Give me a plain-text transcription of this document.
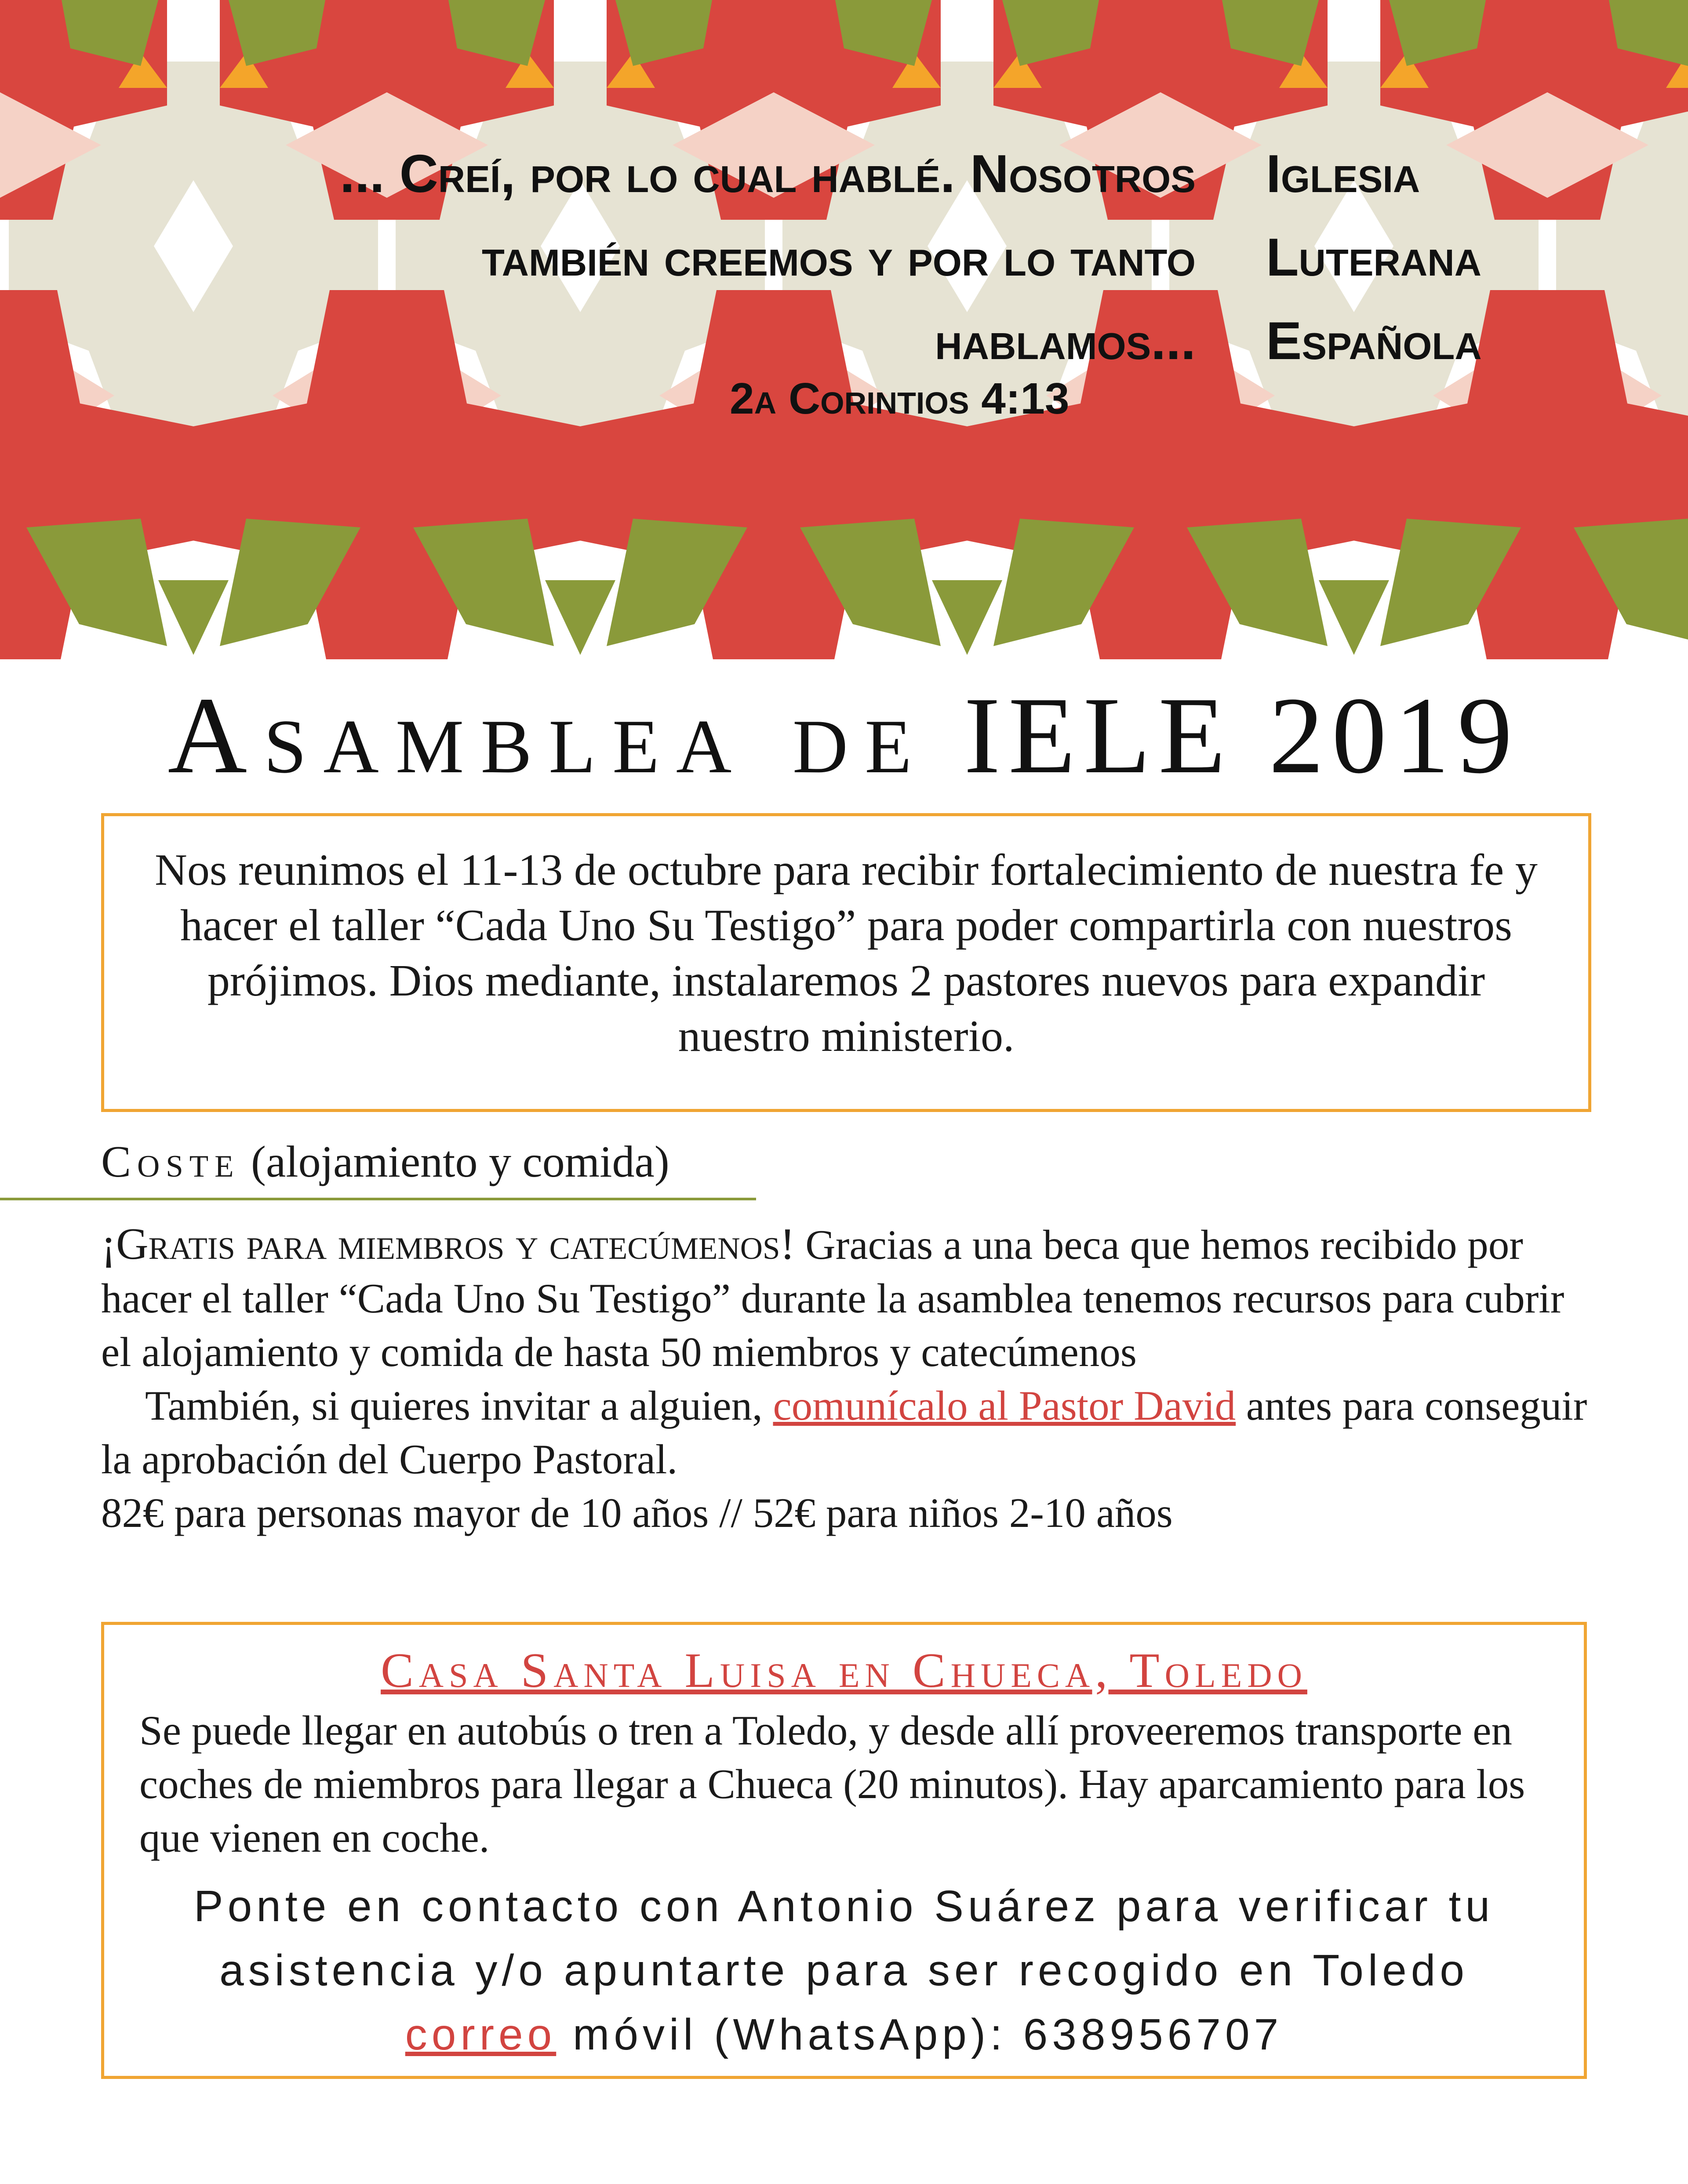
... Creí, por lo cual hablé. Nosotros
también creemos y por lo tanto
hablamos...
2a Corintios 4:13
Iglesia
Luterana
Española
Asamblea de IELE 2019
Nos reunimos el 11-13 de octubre para recibir fortalecimiento de nuestra fe y hacer el taller “Cada Uno Su Testigo” para poder compartirla con nuestros prójimos. Dios mediante, instalaremos 2 pastores nuevos para expandir nuestro ministerio.
Coste (alojamiento y comida)

¡Gratis para miembros y catecúmenos! Gracias a una beca que hemos recibido por hacer el taller “Cada Uno Su Testigo” durante la asamblea tenemos recursos para cubrir el alojamiento y comida de hasta 50 miembros y catecúmenos

También, si quieres invitar a alguien, comunícalo al Pastor David antes para conseguir la aprobación del Cuerpo Pastoral.

82€ para personas mayor de 10 años // 52€ para niños 2-10 años

Casa Santa Luisa en Chueca, Toledo
Se puede llegar en autobús o tren a Toledo, y desde allí proveeremos transporte en coches de miembros para llegar a Chueca (20 minutos). Hay aparcamiento para los que vienen en coche.
Ponte en contacto con Antonio Suárez para verificar tu
asistencia y/o apuntarte para ser recogido en Toledo
correo móvil (WhatsApp): 638956707
